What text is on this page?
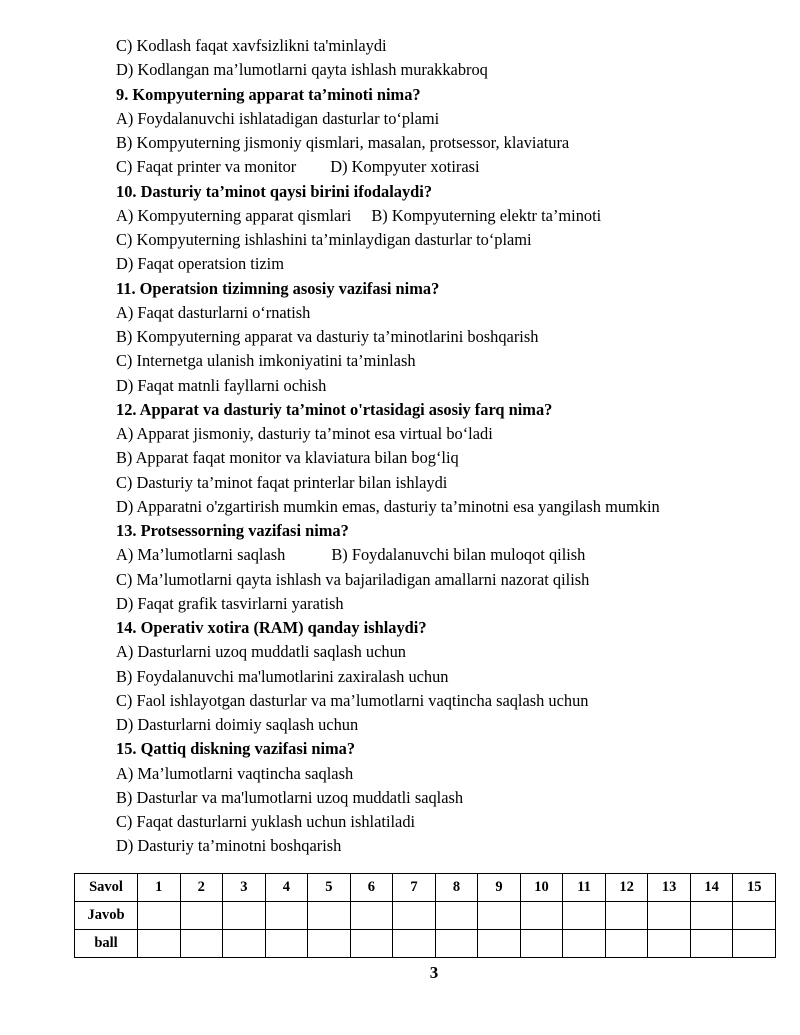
C) Kodlash faqat xavfsizlikni ta'minlaydi
D) Kodlangan ma’lumotlarni qayta ishlash murakkabroq
9. Kompyuterning apparat ta’minoti nima?
A) Foydalanuvchi ishlatadigan dasturlar to‘plami
B) Kompyuterning jismoniy qismlari, masalan, protsessor, klaviatura
C) Faqat printer va monitor D) Kompyuter xotirasi
10. Dasturiy ta’minot qaysi birini ifodalaydi?
A) Kompyuterning apparat qismlari B) Kompyuterning elektr ta’minoti
C) Kompyuterning ishlashini ta’minlaydigan dasturlar to‘plami
D) Faqat operatsion tizim
11. Operatsion tizimning asosiy vazifasi nima?
A) Faqat dasturlarni o‘rnatish
B) Kompyuterning apparat va dasturiy ta’minotlarini boshqarish
C) Internetga ulanish imkoniyatini ta’minlash
D) Faqat matnli fayllarni ochish
12. Apparat va dasturiy ta’minot o'rtasidagi asosiy farq nima?
A) Apparat jismoniy, dasturiy ta’minot esa virtual bo‘ladi
B) Apparat faqat monitor va klaviatura bilan bog‘liq
C) Dasturiy ta’minot faqat printerlar bilan ishlaydi
D) Apparatni o'zgartirish mumkin emas, dasturiy ta’minotni esa yangilash mumkin
13. Protsessorning vazifasi nima?
A) Ma’lumotlarni saqlash	B) Foydalanuvchi bilan muloqot qilish
C) Ma’lumotlarni qayta ishlash va bajariladigan amallarni nazorat qilish
D) Faqat grafik tasvirlarni yaratish
14. Operativ xotira (RAM) qanday ishlaydi?
A) Dasturlarni uzoq muddatli saqlash uchun
B) Foydalanuvchi ma'lumotlarini zaxiralash uchun
C) Faol ishlayotgan dasturlar va ma’lumotlarni vaqtincha saqlash uchun
D) Dasturlarni doimiy saqlash uchun
15. Qattiq diskning vazifasi nima?
A) Ma’lumotlarni vaqtincha saqlash
B) Dasturlar va ma'lumotlarni uzoq muddatli saqlash
C) Faqat dasturlarni yuklash uchun ishlatiladi
D) Dasturiy ta’minotni boshqarish
Savol	1	2	3	4	5	6	7	8	9	10	11	12	13	14	15
Javob															
ball															
3
